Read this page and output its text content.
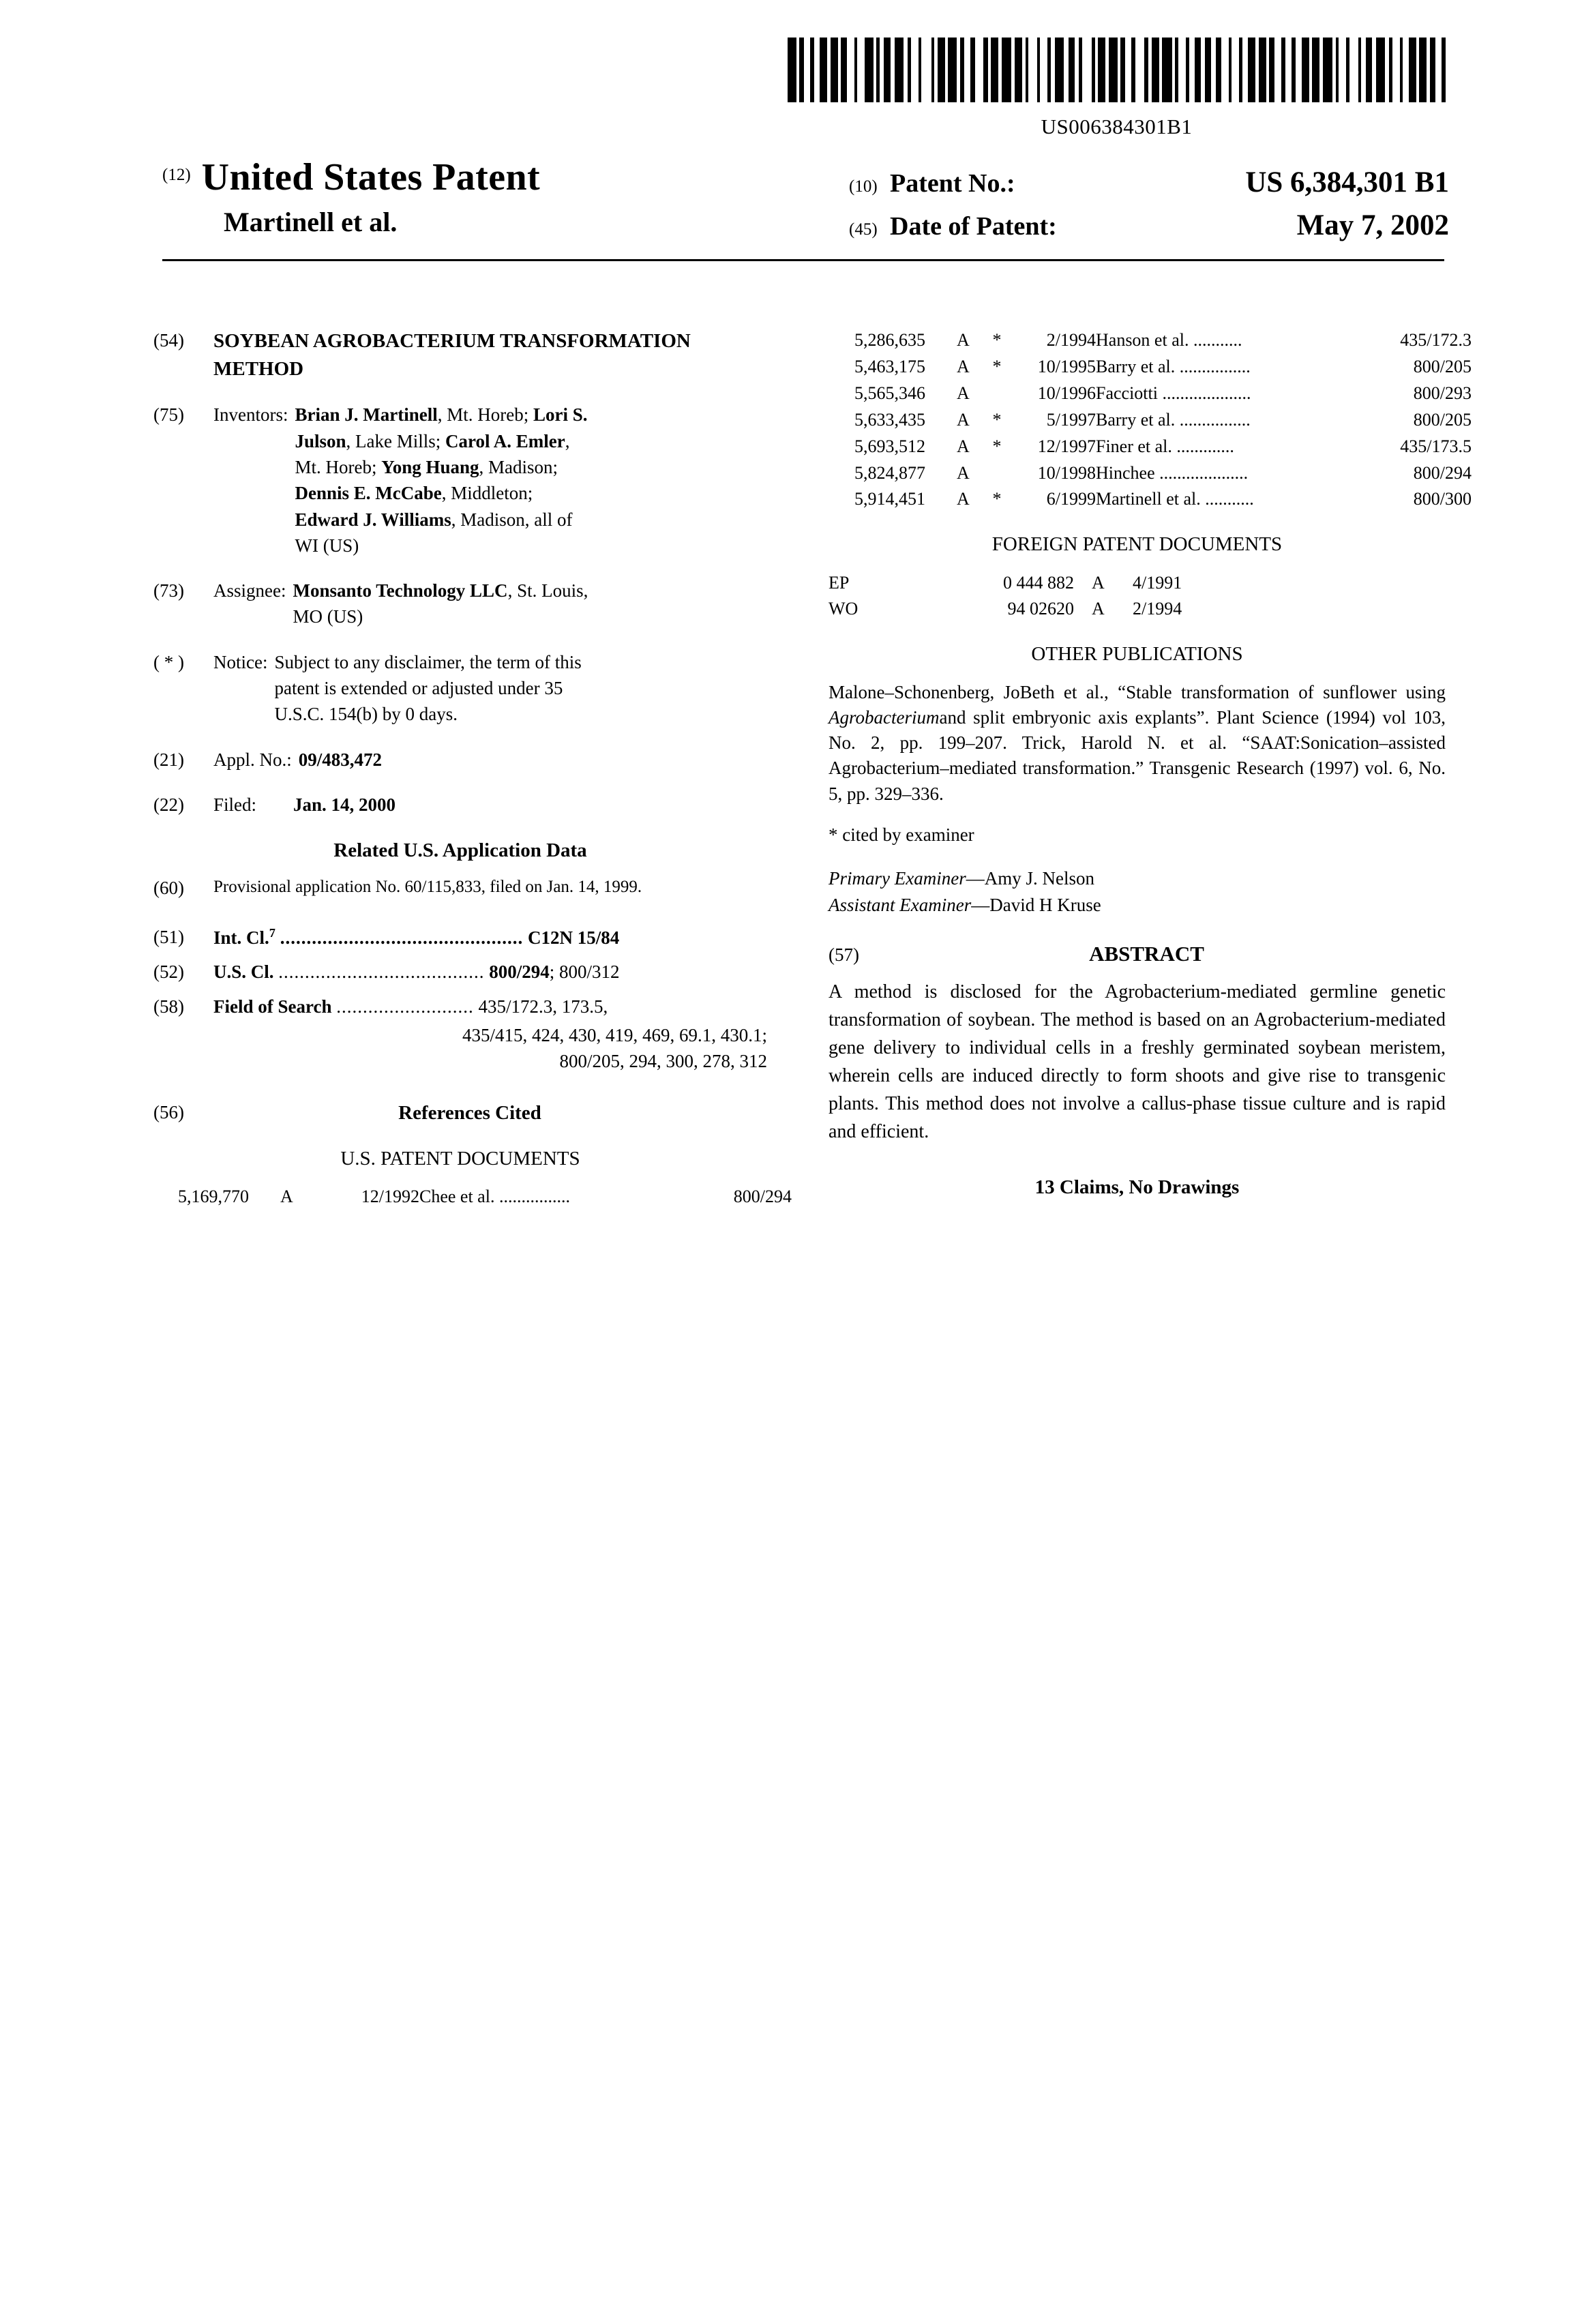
US006384301B1
(12) United States Patent
Martinell et al.
(10) Patent No.:	US 6,384,301 B1
(45) Date of Patent:	May 7, 2002
(54)	SOYBEAN AGROBACTERIUM TRANSFORMATION METHOD
(75)	Inventors: Brian J. Martinell, Mt. Horeb; Lori S.
Julson, Lake Mills; Carol A. Emler,
Mt. Horeb; Yong Huang, Madison;
Dennis E. McCabe, Middleton;
Edward J. Williams, Madison, all of
WI (US)
(73)	Assignee: Monsanto Technology LLC, St. Louis,
MO (US)
( * )	Notice: Subject to any disclaimer, the term of this
patent is extended or adjusted under 35
U.S.C. 154(b) by 0 days.
(21)	Appl. No.: 09/483,472
(22)	Filed:	Jan. 14, 2000
Related U.S. Application Data
(60)	Provisional application No. 60/115,833, filed on Jan. 14, 1999.
(51)	Int. Cl.$^7$ .............................................. C12N 15/84
(52)	U.S. Cl. ....................................... 800/294; 800/312
(58)	Field of Search .......................... 435/172.3, 173.5,
435/415, 424, 430, 419, 469, 69.1, 430.1;
800/205, 294, 300, 278, 312
(56)	References Cited
U.S. PATENT DOCUMENTS
5,169,770	A		12/1992	Chee et al. ................	800/294
5,286,635	A	*	2/1994	Hanson et al. ...........	435/172.3
5,463,175	A	*	10/1995	Barry et al. ................	800/205
5,565,346	A		10/1996	Facciotti ....................	800/293
5,633,435	A	*	5/1997	Barry et al. ................	800/205
5,693,512	A	*	12/1997	Finer et al. .............	435/173.5
5,824,877	A		10/1998	Hinchee ....................	800/294
5,914,451	A	*	6/1999	Martinell et al. ...........	800/300
FOREIGN PATENT DOCUMENTS
EP	0 444 882	A	4/1991
WO	94 02620	A	2/1994
OTHER PUBLICATIONS
Malone–Schonenberg, JoBeth et al., “Stable transformation of sunflower using Agrobacteriumand split embryonic axis explants”. Plant Science (1994) vol 103, No. 2, pp. 199–207. Trick, Harold N. et al. “SAAT:Sonication–assisted Agrobacterium–mediated transformation.” Transgenic Research (1997) vol. 6, No. 5, pp. 329–336.
* cited by examiner
Primary Examiner—Amy J. Nelson
Assistant Examiner—David H Kruse
(57)	ABSTRACT
A method is disclosed for the Agrobacterium-mediated germline genetic transformation of soybean. The method is based on an Agrobacterium-mediated gene delivery to individual cells in a freshly germinated soybean meristem, wherein cells are induced directly to form shoots and give rise to transgenic plants. This method does not involve a callus-phase tissue culture and is rapid and efficient.
13 Claims, No Drawings
